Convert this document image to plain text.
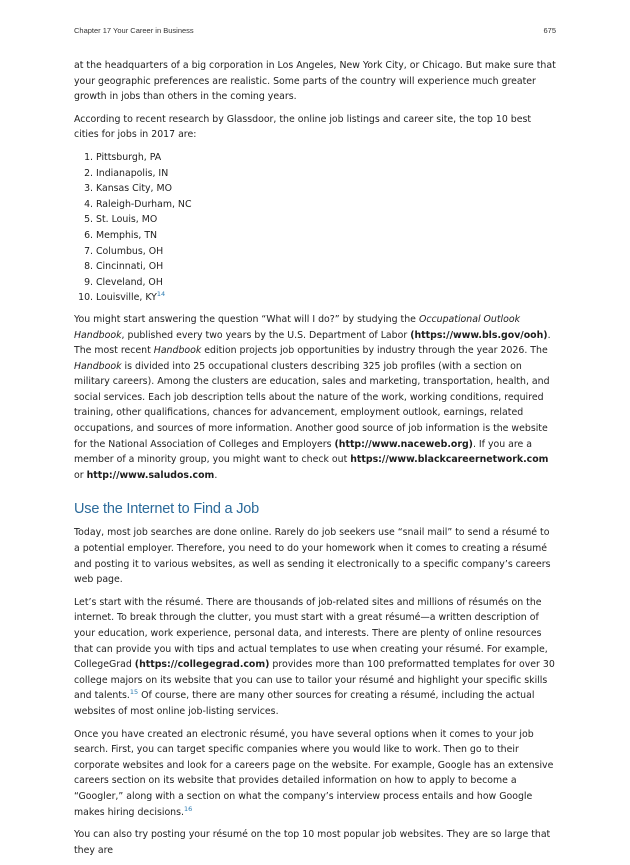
Chapter 17 Your Career in Business	675

at the headquarters of a big corporation in Los Angeles, New York City, or Chicago. But make sure that your geographic preferences are realistic. Some parts of the country will experience much greater growth in jobs than others in the coming years.

According to recent research by Glassdoor, the online job listings and career site, the top 10 best cities for jobs in 2017 are:

1. Pittsburgh, PA
2. Indianapolis, IN
3. Kansas City, MO
4. Raleigh-Durham, NC
5. St. Louis, MO
6. Memphis, TN
7. Columbus, OH
8. Cincinnati, OH
9. Cleveland, OH
10. Louisville, KY$^{14}$

You might start answering the question “What will I do?” by studying the Occupational Outlook Handbook, published every two years by the U.S. Department of Labor (https://www.bls.gov/ooh). The most recent Handbook edition projects job opportunities by industry through the year 2026. The Handbook is divided into 25 occupational clusters describing 325 job profiles (with a section on military careers). Among the clusters are education, sales and marketing, transportation, health, and social services. Each job description tells about the nature of the work, working conditions, required training, other qualifications, chances for advancement, employment outlook, earnings, related occupations, and sources of more information. Another good source of job information is the website for the National Association of Colleges and Employers (http://www.naceweb.org). If you are a member of a minority group, you might want to check out https://www.blackcareernetwork.com or http://www.saludos.com.

Use the Internet to Find a Job

Today, most job searches are done online. Rarely do job seekers use “snail mail” to send a résumé to a potential employer. Therefore, you need to do your homework when it comes to creating a résumé and posting it to various websites, as well as sending it electronically to a specific company’s careers web page.

Let’s start with the résumé. There are thousands of job-related sites and millions of résumés on the internet. To break through the clutter, you must start with a great résumé—a written description of your education, work experience, personal data, and interests. There are plenty of online resources that can provide you with tips and actual templates to use when creating your résumé. For example, CollegeGrad (https://collegegrad.com) provides more than 100 preformatted templates for over 30 college majors on its website that you can use to tailor your résumé and highlight your specific skills and talents.$^{15}$ Of course, there are many other sources for creating a résumé, including the actual websites of most online job-listing services.

Once you have created an electronic résumé, you have several options when it comes to your job search. First, you can target specific companies where you would like to work. Then go to their corporate websites and look for a careers page on the website. For example, Google has an extensive careers section on its website that provides detailed information on how to apply to become a “Googler,” along with a section on what the company’s interview process entails and how Google makes hiring decisions.$^{16}$

You can also try posting your résumé on the top 10 most popular job websites. They are so large that they are
